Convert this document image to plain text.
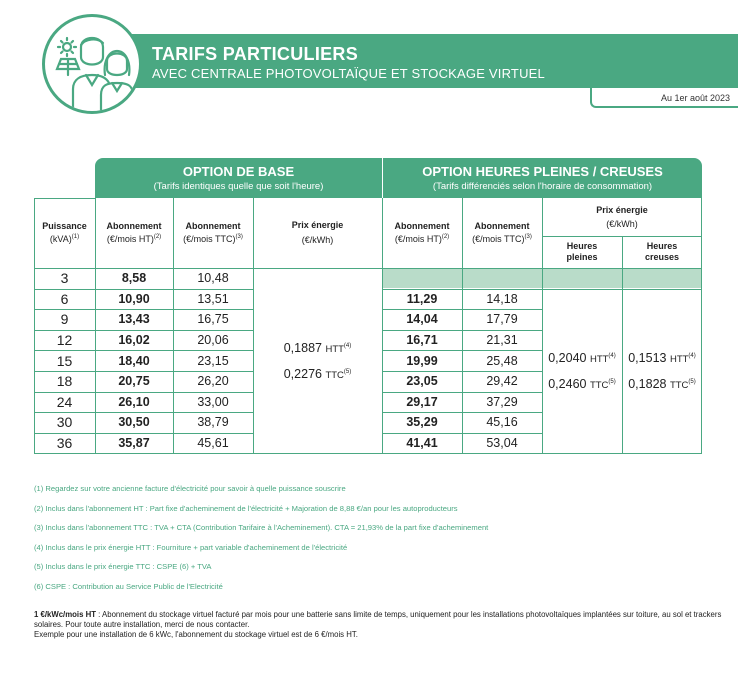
Au 1er août 2023
TARIFS PARTICULIERS
AVEC CENTRALE PHOTOVOLTAÏQUE ET STOCKAGE VIRTUEL
OPTION DE BASE
(Tarifs identiques quelle que soit l'heure)
OPTION HEURES PLEINES / CREUSES
(Tarifs différenciés selon l'horaire de consommation)
Puissance
(kVA)$^{(1)}$
Abonnement
(€/mois HT)$^{(2)}$
Abonnement
(€/mois TTC)$^{(3)}$
Prix énergie
(€/kWh)
Abonnement
(€/mois HT)$^{(2)}$
Abonnement
(€/mois TTC)$^{(3)}$
Prix énergie
(€/kWh)
Heures pleines
Heures creuses
3	8,58	10,48
6	10,90	13,51	11,29	14,18
9	13,43	16,75	14,04	17,79
12	16,02	20,06	16,71	21,31
15	18,40	23,15	19,99	25,48
18	20,75	26,20	23,05	29,42
24	26,10	33,00	29,17	37,29
30	30,50	38,79	35,29	45,16
36	35,87	45,61	41,41	53,04
0,1887 HTT$^{(4)}$
0,2276 TTC$^{(5)}$
0,2040 HTT$^{(4)}$
0,2460 TTC$^{(5)}$
0,1513 HTT$^{(4)}$
0,1828 TTC$^{(5)}$
(1) Regardez sur votre ancienne facture d'électricité pour savoir à quelle puissance souscrire
(2) Inclus dans l'abonnement HT : Part fixe d'acheminement de l'électricité + Majoration de 8,88 €/an pour les autoproducteurs
(3) Inclus dans l'abonnement TTC : TVA + CTA (Contribution Tarifaire à l'Acheminement). CTA = 21,93% de la part fixe d'acheminement
(4) Inclus dans le prix énergie HTT : Fourniture + part variable d'acheminement de l'électricité
(5) Inclus dans le prix énergie TTC : CSPE (6) + TVA
(6) CSPE : Contribution au Service Public de l'Electricité
1 €/kWc/mois HT : Abonnement du stockage virtuel facturé par mois pour une batterie sans limite de temps, uniquement pour les installations photovoltaïques implantées sur toiture, au sol et trackers solaires. Pour toute autre installation, merci de nous contacter.
Exemple pour une installation de 6 kWc, l'abonnement du stockage virtuel est de 6 €/mois HT.
